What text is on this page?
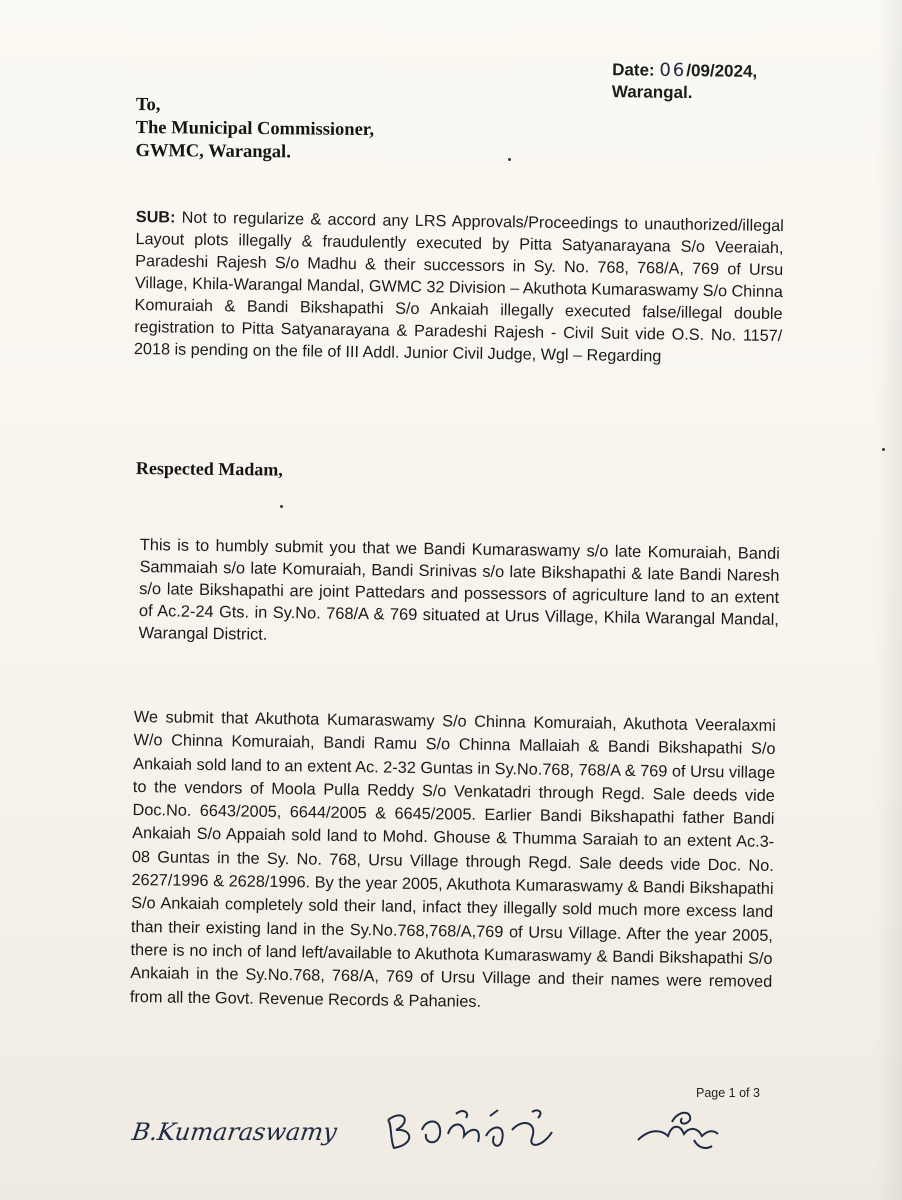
Date: 06/09/2024,
Warangal.
To,
The Municipal Commissioner,
GWMC, Warangal.
SUB: Not to regularize & accord any LRS Approvals/Proceedings to unauthorized/illegal Layout plots illegally & fraudulently executed by Pitta Satyanarayana S/o Veeraiah, Paradeshi Rajesh S/o Madhu & their successors in Sy. No. 768, 768/A, 769 of Ursu Village, Khila-Warangal Mandal, GWMC 32 Division – Akuthota Kumaraswamy S/o Chinna Komuraiah & Bandi Bikshapathi S/o Ankaiah illegally executed false/illegal double registration to Pitta Satyanarayana & Paradeshi Rajesh - Civil Suit vide O.S. No. 1157/ 2018 is pending on the file of III Addl. Junior Civil Judge, Wgl – Regarding
Respected Madam,
This is to humbly submit you that we Bandi Kumaraswamy s/o late Komuraiah, Bandi Sammaiah s/o late Komuraiah, Bandi Srinivas s/o late Bikshapathi & late Bandi Naresh s/o late Bikshapathi are joint Pattedars and possessors of agriculture land to an extent of Ac.2-24 Gts. in Sy.No. 768/A & 769 situated at Urus Village, Khila Warangal Mandal, Warangal District.
We submit that Akuthota Kumaraswamy S/o Chinna Komuraiah, Akuthota Veeralaxmi W/o Chinna Komuraiah, Bandi Ramu S/o Chinna Mallaiah & Bandi Bikshapathi S/o Ankaiah sold land to an extent Ac. 2-32 Guntas in Sy.No.768, 768/A & 769 of Ursu village to the vendors of Moola Pulla Reddy S/o Venkatadri through Regd. Sale deeds vide Doc.No. 6643/2005, 6644/2005 & 6645/2005. Earlier Bandi Bikshapathi father Bandi Ankaiah S/o Appaiah sold land to Mohd. Ghouse & Thumma Saraiah to an extent Ac.3-08 Guntas in the Sy. No. 768, Ursu Village through Regd. Sale deeds vide Doc. No. 2627/1996 & 2628/1996. By the year 2005, Akuthota Kumaraswamy & Bandi Bikshapathi S/o Ankaiah completely sold their land, infact they illegally sold much more excess land than their existing land in the Sy.No.768,768/A,769 of Ursu Village. After the year 2005, there is no inch of land left/available to Akuthota Kumaraswamy & Bandi Bikshapathi S/o Ankaiah in the Sy.No.768, 768/A, 769 of Ursu Village and their names were removed from all the Govt. Revenue Records & Pahanies.
Page 1 of 3
B.Kumaraswamy
